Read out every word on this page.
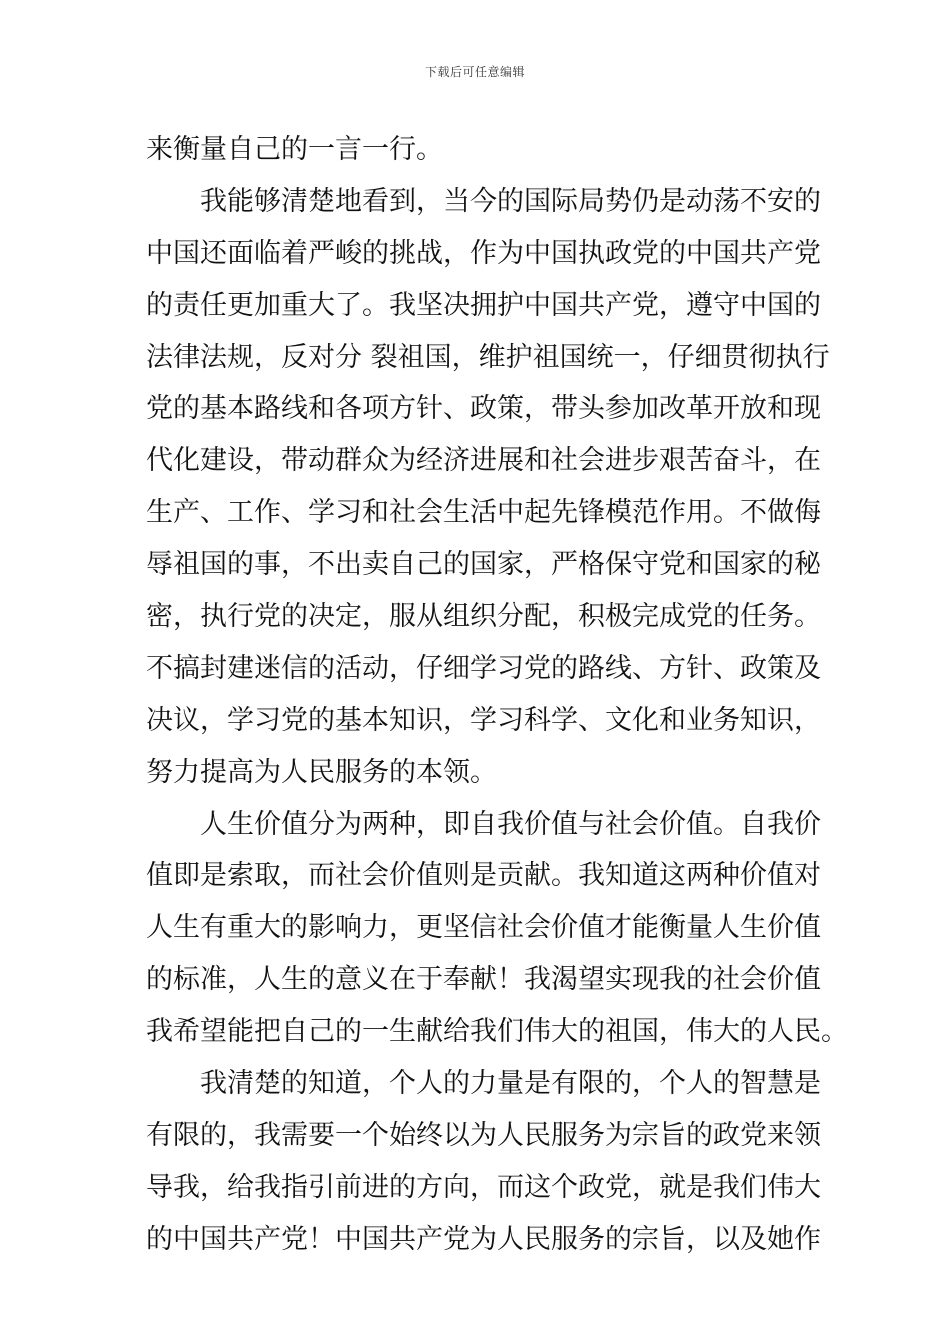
下载后可任意编辑
来衡量自己的一言一行。
我能够清楚地看到，当今的国际局势仍是动荡不安的
中国还面临着严峻的挑战，作为中国执政党的中国共产党
的责任更加重大了。我坚决拥护中国共产党，遵守中国的
法律法规，反对分 裂祖国，维护祖国统一，仔细贯彻执行
党的基本路线和各项方针、政策，带头参加改革开放和现
代化建设，带动群众为经济进展和社会进步艰苦奋斗，在
生产、工作、学习和社会生活中起先锋模范作用。不做侮
辱祖国的事，不出卖自己的国家，严格保守党和国家的秘
密，执行党的决定，服从组织分配，积极完成党的任务。
不搞封建迷信的活动，仔细学习党的路线、方针、政策及
决议，学习党的基本知识，学习科学、文化和业务知识，
努力提高为人民服务的本领。
人生价值分为两种，即自我价值与社会价值。自我价
值即是索取，而社会价值则是贡献。我知道这两种价值对
人生有重大的影响力，更坚信社会价值才能衡量人生价值
的标准，人生的意义在于奉献！我渴望实现我的社会价值
我希望能把自己的一生献给我们伟大的祖国，伟大的人民。
我清楚的知道，个人的力量是有限的，个人的智慧是
有限的，我需要一个始终以为人民服务为宗旨的政党来领
导我，给我指引前进的方向，而这个政党，就是我们伟大
的中国共产党！中国共产党为人民服务的宗旨，以及她作
